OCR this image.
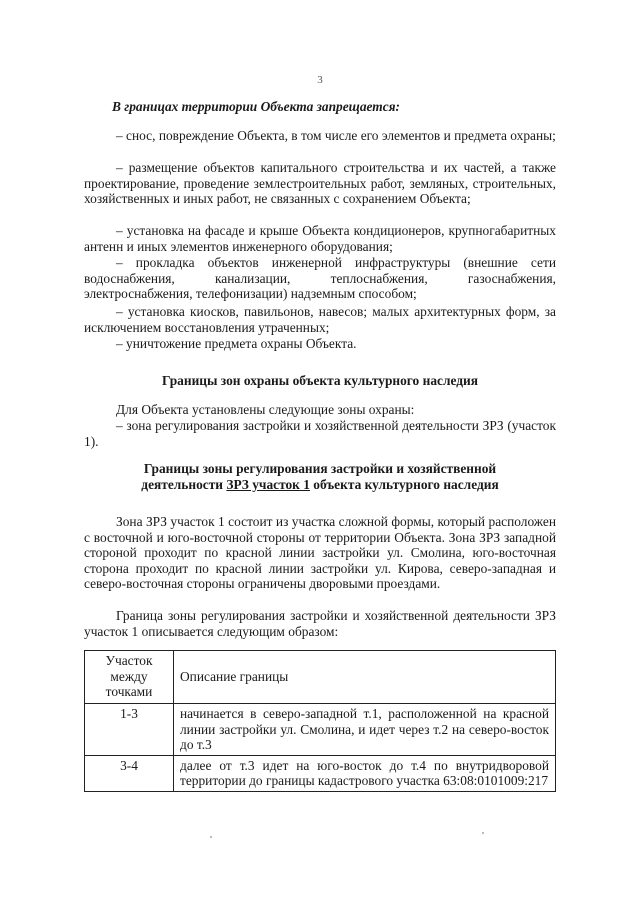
3
В границах территории Объекта запрещается:

– снос, повреждение Объекта, в том числе его элементов и предмета охраны;

– размещение объектов капитального строительства и их частей, а также проектирование, проведение землестроительных работ, земляных, строительных, хозяйственных и иных работ, не связанных с сохранением Объекта;

– установка на фасаде и крыше Объекта кондиционеров, крупногабаритных антенн и иных элементов инженерного оборудования;

– прокладка объектов инженерной инфраструктуры (внешние сети водоснабжения, канализации, теплоснабжения, газоснабжения, электроснабжения, телефонизации) надземным способом;

– установка киосков, павильонов, навесов; малых архитектурных форм, за исключением восстановления утраченных;

– уничтожение предмета охраны Объекта.

Границы зон охраны объекта культурного наследия

Для Объекта установлены следующие зоны охраны:

– зона регулирования застройки и хозяйственной деятельности ЗРЗ (участок 1).

Границы зоны регулирования застройки и хозяйственной
деятельности ЗРЗ участок 1 объекта культурного наследия

Зона ЗРЗ участок 1 состоит из участка сложной формы, который расположен с восточной и юго-восточной стороны от территории Объекта. Зона ЗРЗ западной стороной проходит по красной линии застройки ул. Смолина, юго-восточная сторона проходит по красной линии застройки ул. Кирова, северо-западная и северо-восточная стороны ограничены дворовыми проездами.

Граница зоны регулирования застройки и хозяйственной деятельности ЗРЗ участок 1 описывается следующим образом:

Участок между точками	Описание границы
1-3	начинается в северо-западной т.1, расположенной на красной линии застройки ул. Смолина, и идет через т.2 на северо-восток до т.3
3-4	далее от т.3 идет на юго-восток до т.4 по внутридворовой территории до границы кадастрового участка 63:08:0101009:217
